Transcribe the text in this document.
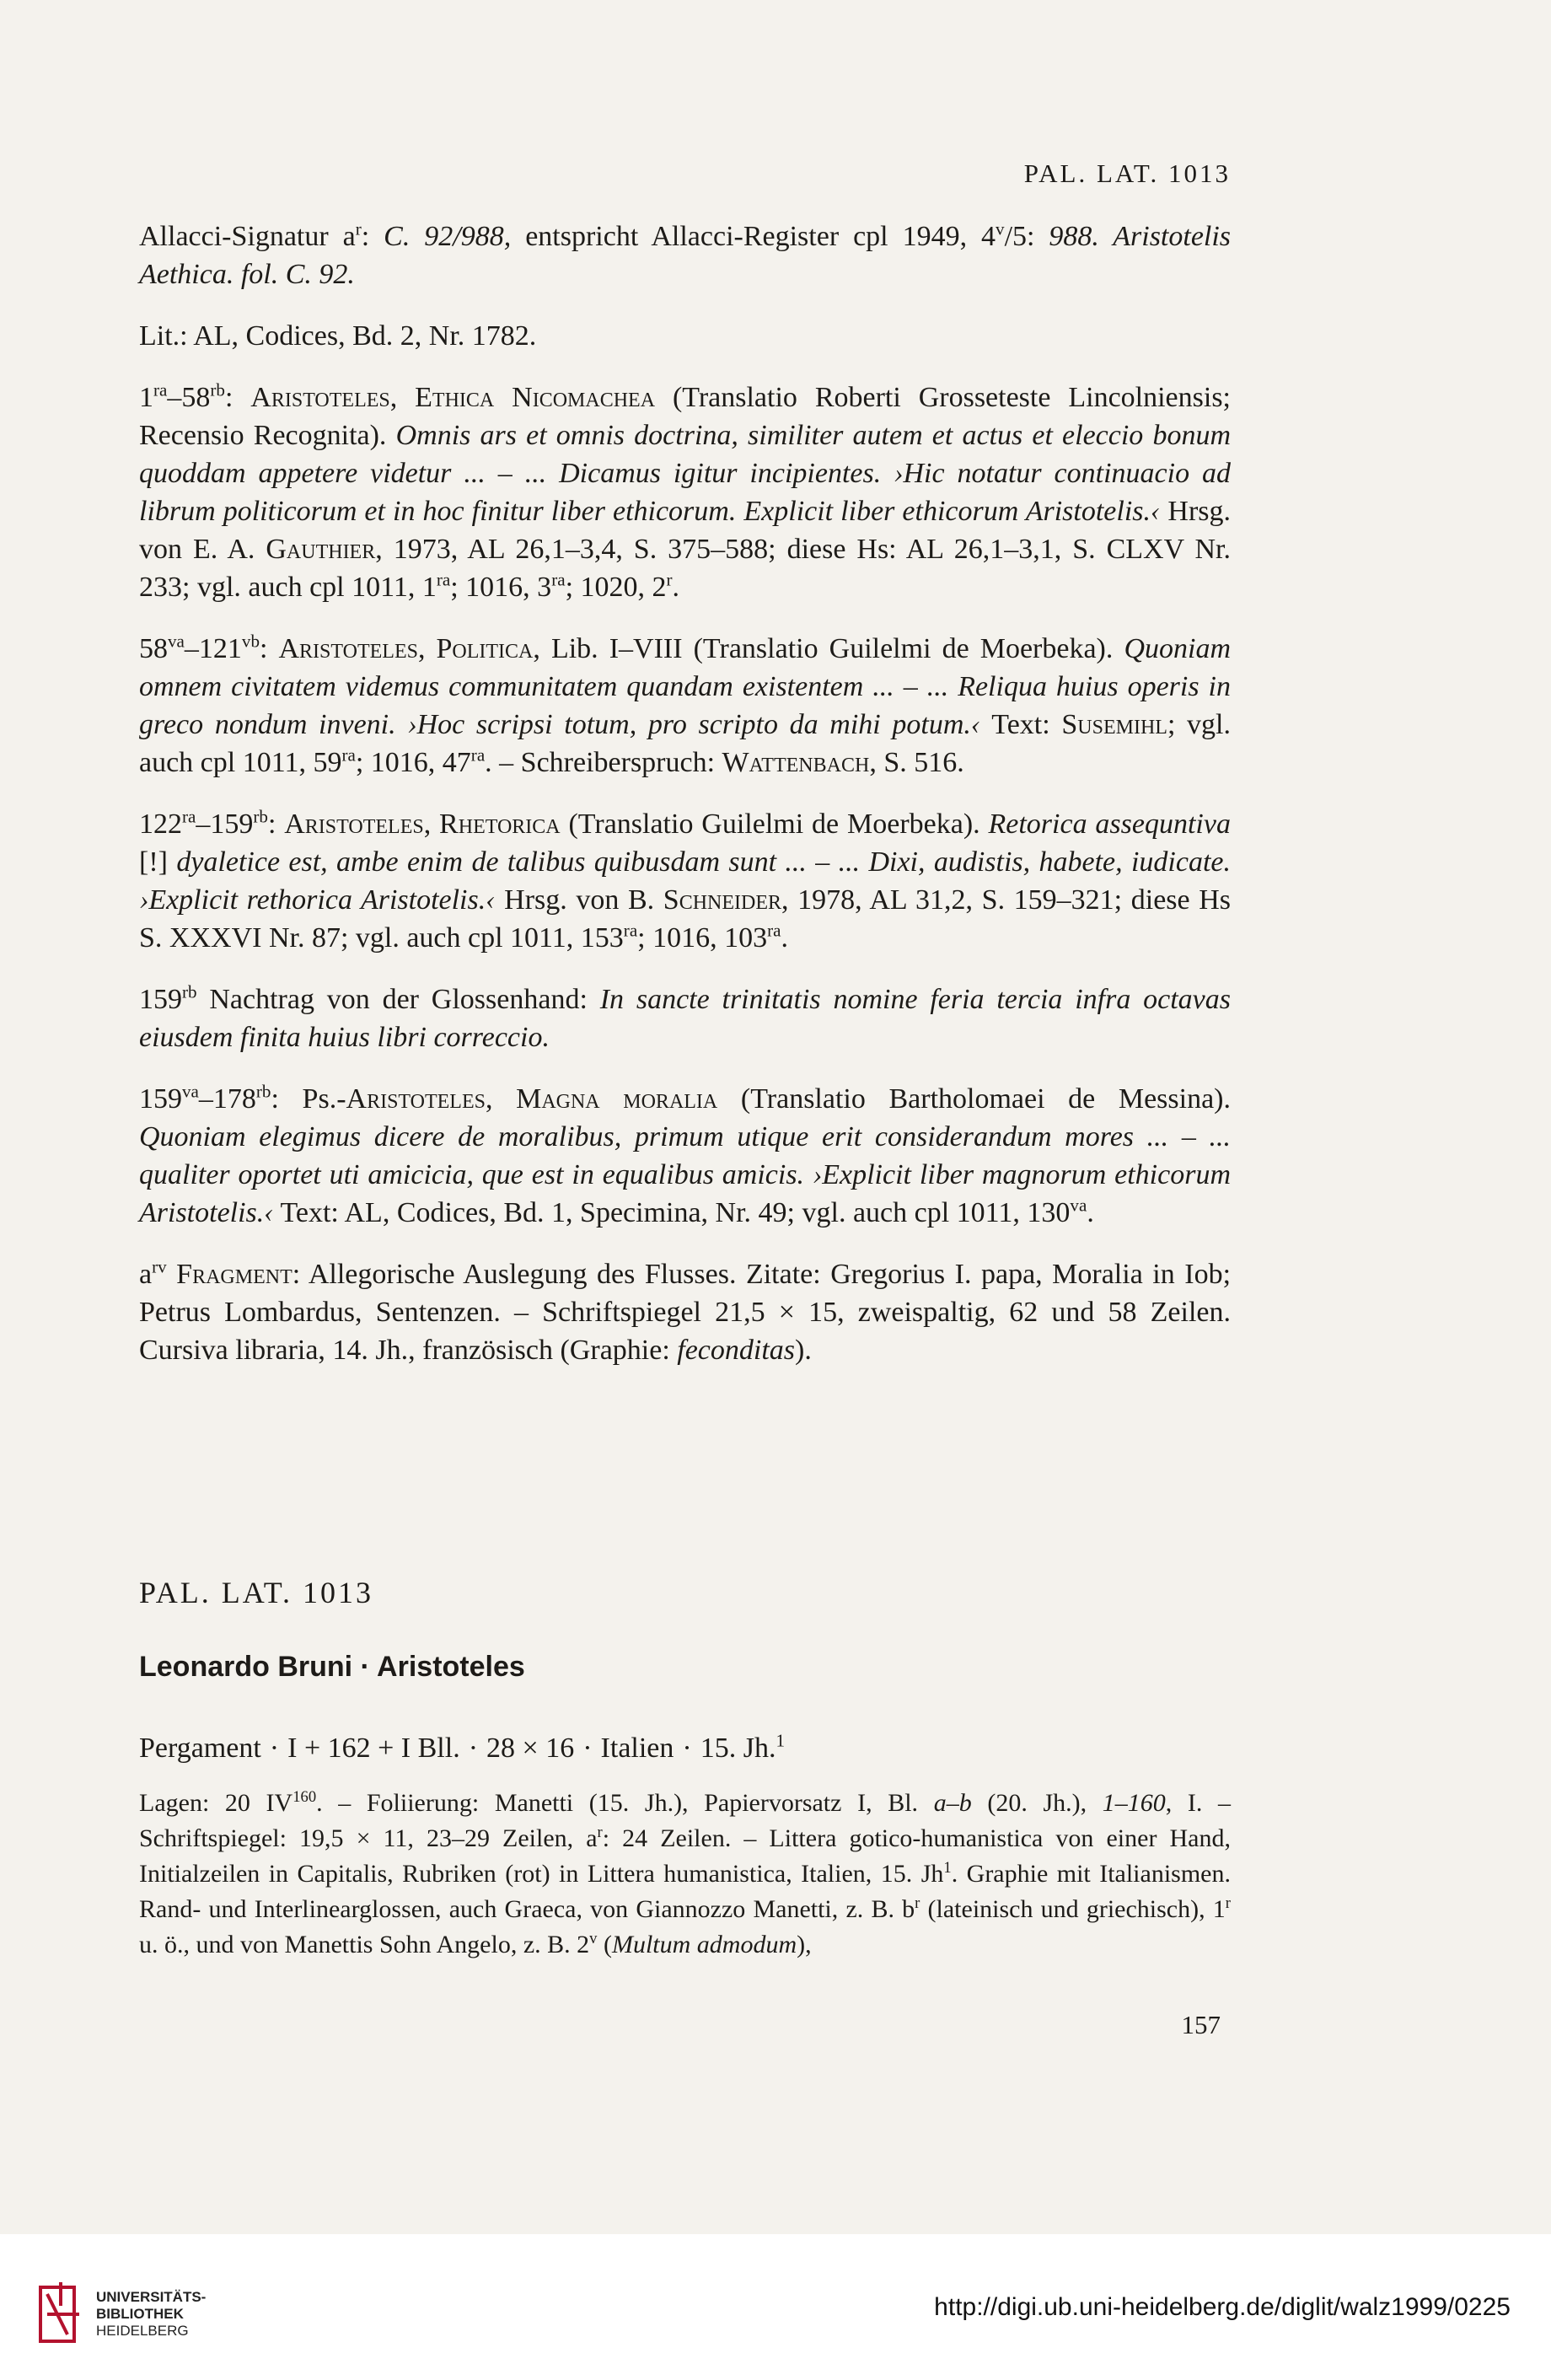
PAL. LAT. 1013

Allacci-Signatur $a^r$: C. 92/988, entspricht Allacci-Register cpl 1949, 4$^v$/5: 988. Aristotelis Aethica. fol. C. 92.

Lit.: AL, Codices, Bd. 2, Nr. 1782.

$1^{ra}-58^{rb}$: Aristoteles, Ethica Nicomachea (Translatio Roberti Grosseteste Lincolniensis; Recensio Recognita). Omnis ars et omnis doctrina, similiter autem et actus et eleccio bonum quoddam appetere videtur ... – ... Dicamus igitur incipientes. ›Hic notatur continuacio ad librum politicorum et in hoc finitur liber ethicorum. Explicit liber ethicorum Aristotelis.‹ Hrsg. von E. A. Gauthier, 1973, AL 26,1–3,4, S. 375–588; diese Hs: AL 26,1–3,1, S. CLXV Nr. 233; vgl. auch cpl 1011, $1^{ra}$; 1016, $3^{ra}$; 1020, 2$^r$.

$58^{va}-121^{vb}$: Aristoteles, Politica, Lib. I–VIII (Translatio Guilelmi de Moerbeka). Quoniam omnem civitatem videmus communitatem quandam existentem ... – ... Reliqua huius operis in greco nondum inveni. ›Hoc scripsi totum, pro scripto da mihi potum.‹ Text: Susemihl; vgl. auch cpl 1011, $59^{ra}$; 1016, $47^{ra}$. – Schreiberspruch: Wattenbach, S. 516.

$122^{ra}-159^{rb}$: Aristoteles, Rhetorica (Translatio Guilelmi de Moerbeka). Retorica assequntiva [!] dyaletice est, ambe enim de talibus quibusdam sunt ... – ... Dixi, audistis, habete, iudicate. ›Explicit rethorica Aristotelis.‹ Hrsg. von B. Schneider, 1978, AL 31,2, S. 159–321; diese Hs S. XXXVI Nr. 87; vgl. auch cpl 1011, $153^{ra}$; 1016, $103^{ra}$.

$159^{rb}$ Nachtrag von der Glossenhand: In sancte trinitatis nomine feria tercia infra octavas eiusdem finita huius libri correccio.

$159^{va}-178^{rb}$: Ps.-Aristoteles, Magna moralia (Translatio Bartholomaei de Messina). Quoniam elegimus dicere de moralibus, primum utique erit considerandum mores ... – ... qualiter oportet uti amicicia, que est in equalibus amicis. ›Explicit liber magnorum ethicorum Aristotelis.‹ Text: AL, Codices, Bd. 1, Specimina, Nr. 49; vgl. auch cpl 1011, $130^{va}$.

$a^{rv}$ Fragment: Allegorische Auslegung des Flusses. Zitate: Gregorius I. papa, Moralia in Iob; Petrus Lombardus, Sentenzen. – Schriftspiegel 21,5 × 15, zweispaltig, 62 und 58 Zeilen. Cursiva libraria, 14. Jh., französisch (Graphie: feconditas).

PAL. LAT. 1013
Leonardo Bruni · Aristoteles
Pergament · I + 162 + I Bll. · 28 × 16 · Italien · 15. Jh.$^1$
Lagen: 20 IV$^{160}$. – Foliierung: Manetti (15. Jh.), Papiervorsatz I, Bl. a–b (20. Jh.), 1–160, I. – Schriftspiegel: 19,5 × 11, 23–29 Zeilen, $a^r$: 24 Zeilen. – Littera gotico-humanistica von einer Hand, Initialzeilen in Capitalis, Rubriken (rot) in Littera humanistica, Italien, 15. Jh$^1$. Graphie mit Italianismen. Rand- und Interlinearglossen, auch Graeca, von Giannozzo Manetti, z. B. $b^r$ (lateinisch und griechisch), 1$^r$ u. ö., und von Manettis Sohn Angelo, z. B. 2$^v$ (Multum admodum),
157
UNIVERSITÄTS-
BIBLIOTHEK
HEIDELBERG
http://digi.ub.uni-heidelberg.de/diglit/walz1999/0225
